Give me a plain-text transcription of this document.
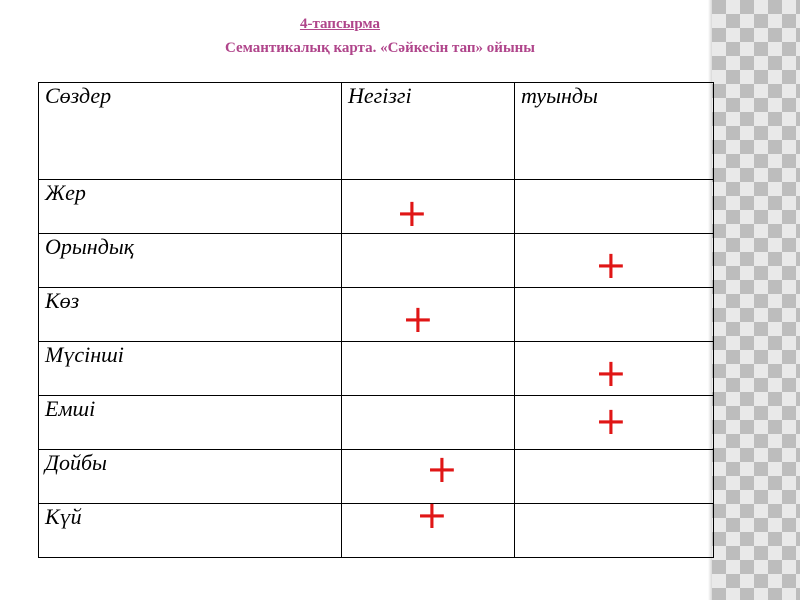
4-тапсырма
Семантикалық карта. «Сәйкесін тап» ойыны
Сөздер	Негізгі	туынды
Жер	+	

Орындық		+

Көз	+	

Мүсінші		+

Емші		+

Дойбы	+	

Күй	+	
